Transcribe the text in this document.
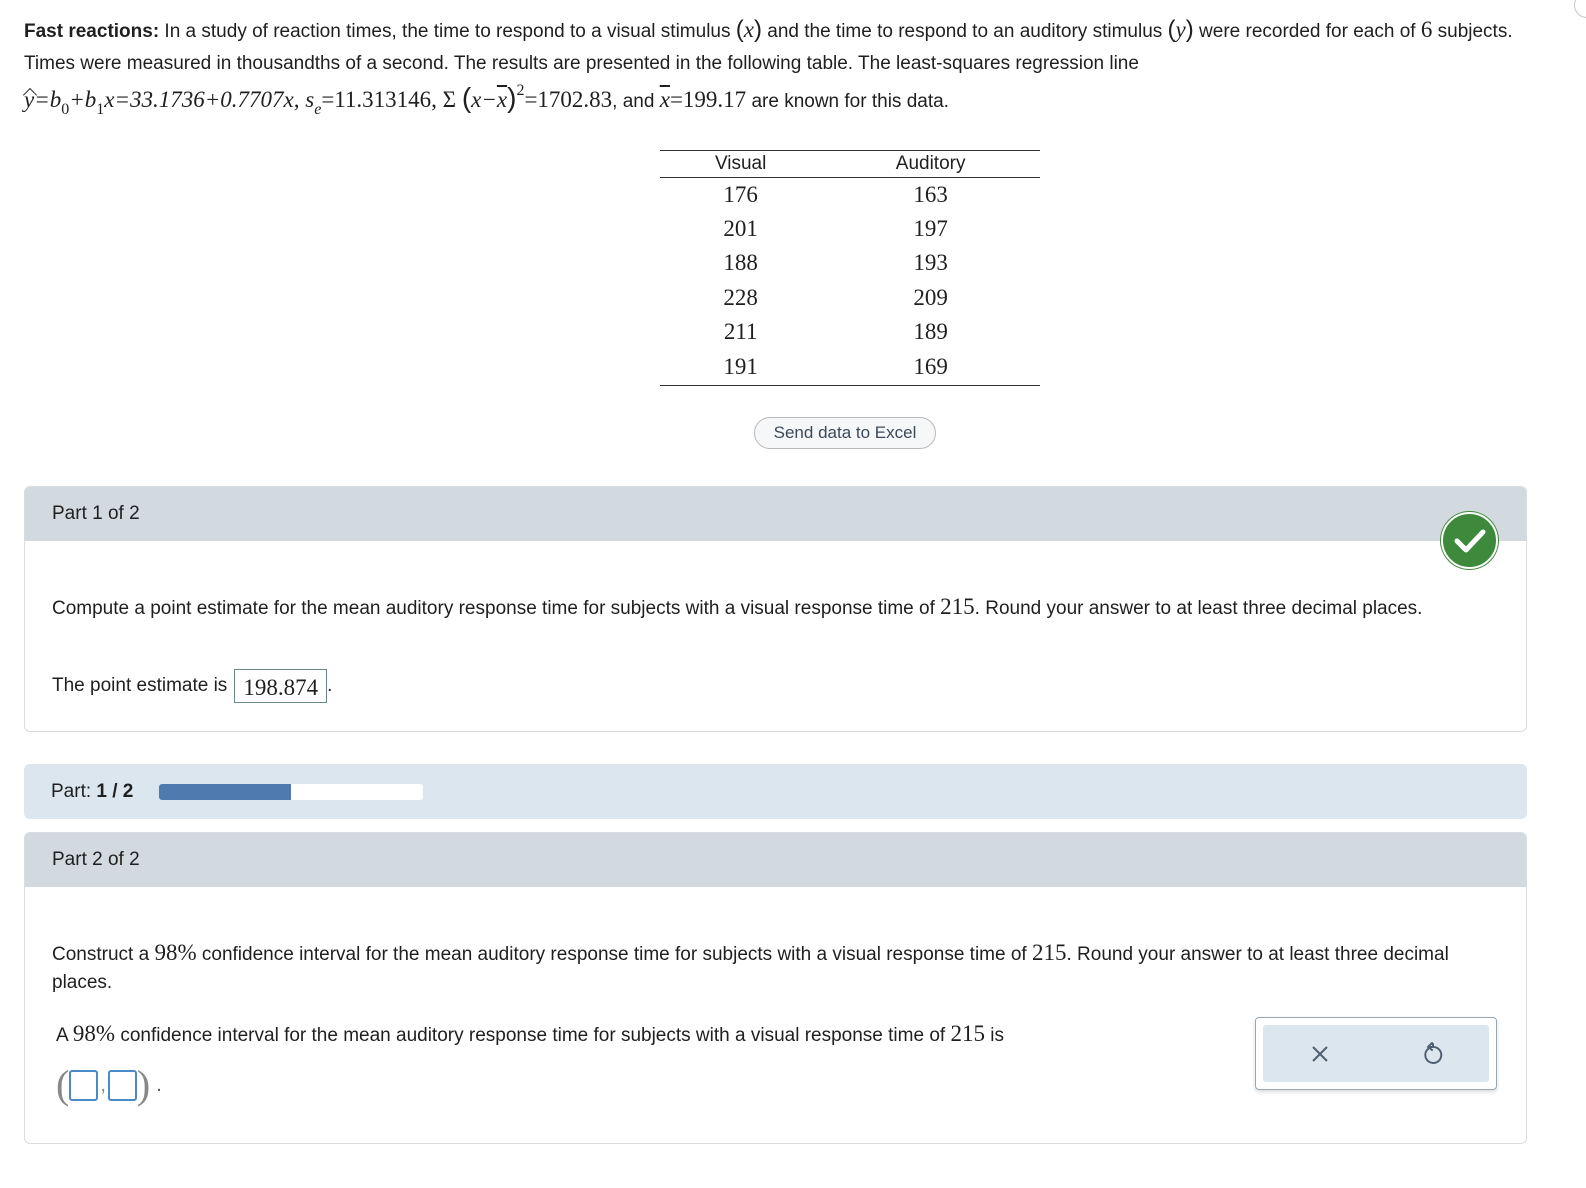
Fast reactions: In a study of reaction times, the time to respond to a visual stimulus (x) and the time to respond to an auditory stimulus (y) were recorded for each of 6 subjects. Times were measured in thousandths of a second. The results are presented in the following table. The least-squares regression line
$y=b_0+b_1x=33.1736+0.7707x$, $s_e=11.313146$, Σ $(x-\overline{x})^2=1702.83$, and $\overline{x}=199.17$ are known for this data.
Visual	Auditory
176	163
201	197
188	193
228	209
211	189
191	169
Send data to Excel
Part 1 of 2

Compute a point estimate for the mean auditory response time for subjects with a visual response time of 215. Round your answer to at least three decimal places.

The point estimate is 198.874 .
Part: 1 / 2
Part 2 of 2

Construct a 98% confidence interval for the mean auditory response time for subjects with a visual response time of 215. Round your answer to at least three decimal places.

A 98% confidence interval for the mean auditory response time for subjects with a visual response time of 215 is

( , ) .
